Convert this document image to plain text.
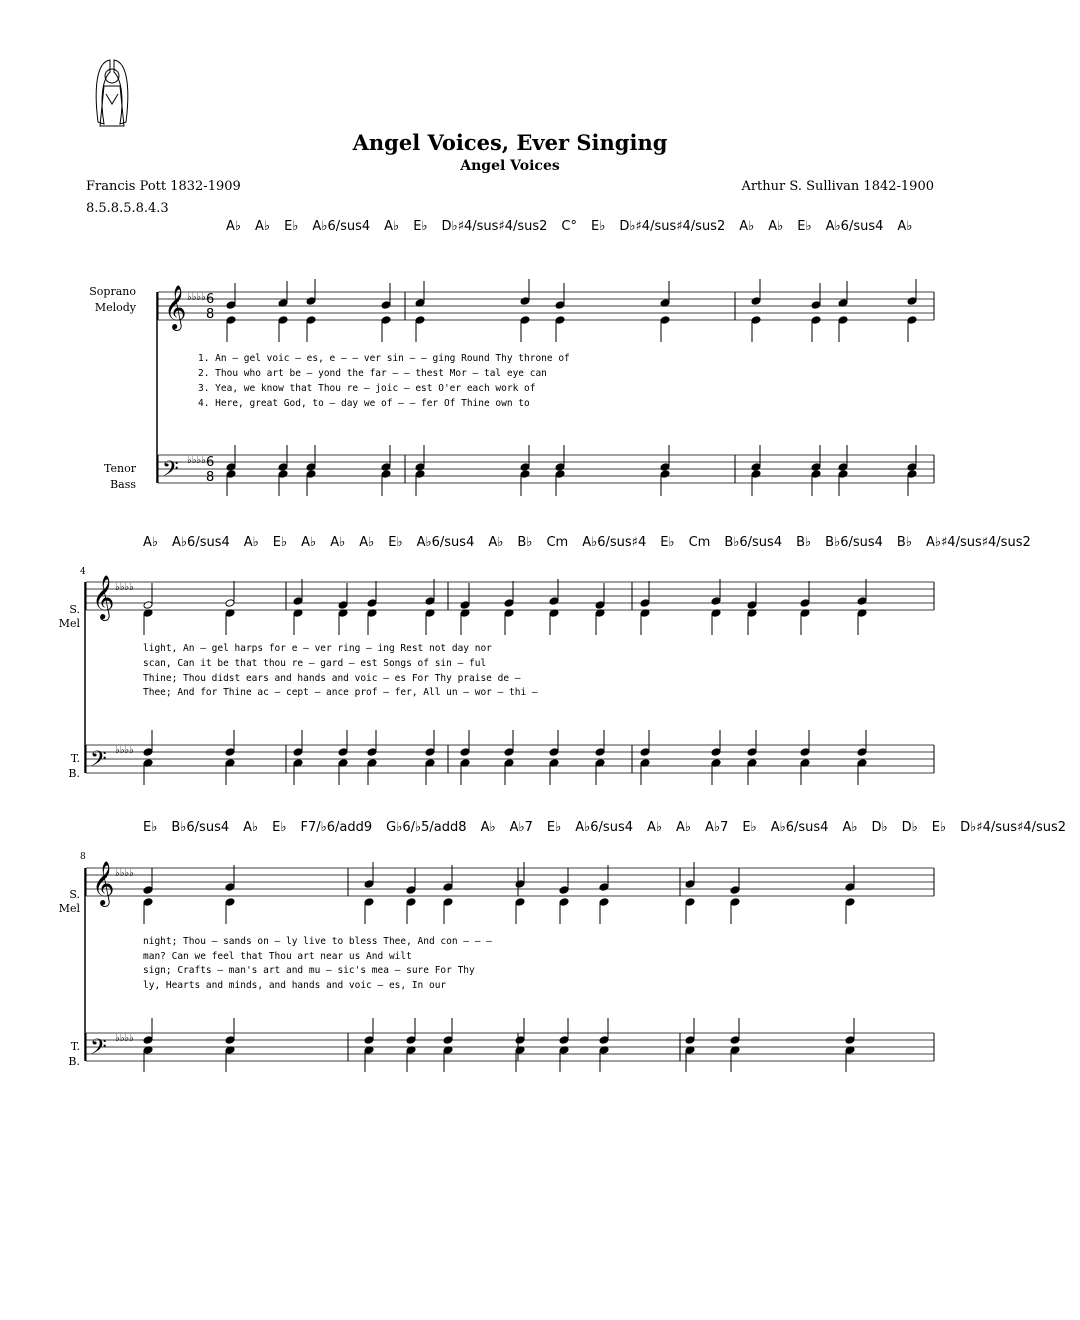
Angel Voices, Ever Singing
Angel Voices
Francis Pott 1832-1909	Arthur S. Sullivan 1842-1900
8.5.8.5.8.4.3
Soprano
Melody
Tenor
Bass
S.
Mel
T.
B.
S.
Mel
T.
B.
4
8
A♭ A♭ E♭ A♭6/sus4 A♭ E♭ D♭♯4/sus♯4/sus2 C° E♭ D♭♯4/sus♯4/sus2 A♭ A♭ E♭ A♭6/sus4 A♭
A♭ A♭6/sus4 A♭ E♭ A♭ A♭ A♭ E♭ A♭6/sus4 A♭ B♭ Cm A♭6/sus♯4 E♭ Cm B♭6/sus4 B♭ B♭6/sus4 B♭ A♭♯4/sus♯4/sus2
E♭ B♭6/sus4 A♭ E♭ F7/♭6/add9 G♭6/♭5/add8 A♭ A♭7 E♭ A♭6/sus4 A♭ A♭ A♭7 E♭ A♭6/sus4 A♭ D♭ D♭ E♭ D♭♯4/sus♯4/sus2
1. An – gel voic – es, e – – ver sin – – ging Round Thy throne of
2. Thou who art be – yond the far – – thest Mor – tal eye can
3. Yea, we know that Thou re – joic – est O'er each work of
4. Here, great God, to – day we of – – fer Of Thine own to
light, An – gel harps for e – ver ring – ing Rest not day nor
scan, Can it be that thou re – gard – est Songs of sin – ful
Thine; Thou didst ears and hands and voic – es For Thy praise de –
Thee; And for Thine ac – cept – ance prof – fer, All un – wor – thi –
night; Thou – sands on – ly live to bless Thee, And con – – –
man? Can we feel that Thou art near us And wilt
sign; Crafts – man's art and mu – sic's mea – sure For Thy
ly, Hearts and minds, and hands and voic – es, In our
𝄞
𝄞
𝄞
𝄢
𝄢
𝄢
♭♭♭♭
♭♭♭♭
♭♭♭♭
♭♭♭♭
♭♭♭♭
♭♭♭♭
6
8
6
8
